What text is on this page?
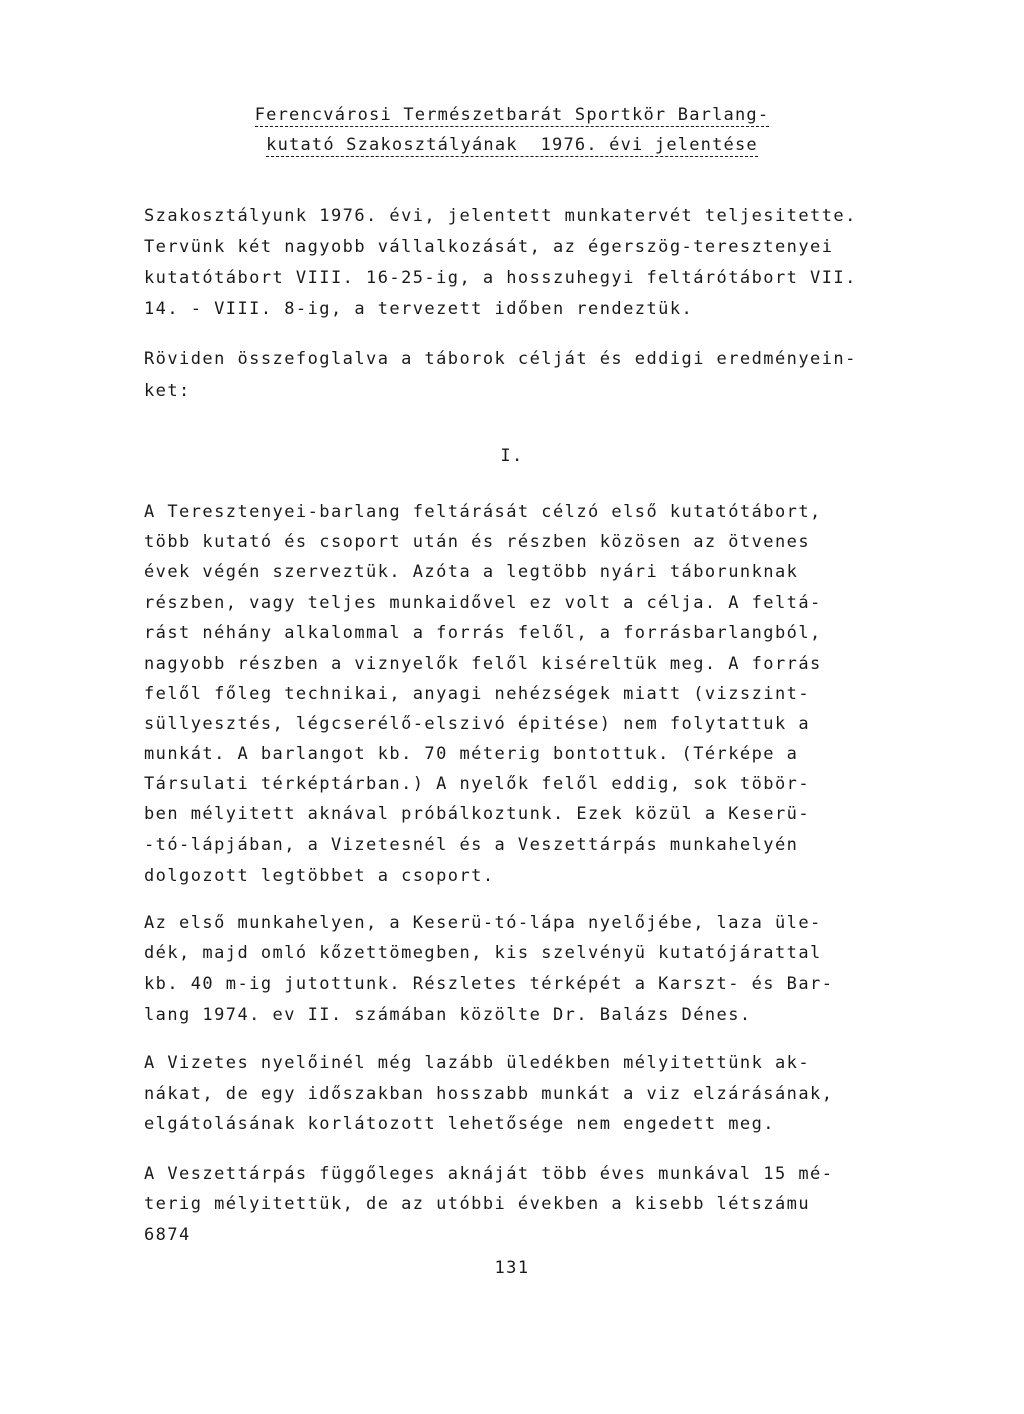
Ferencvárosi Természetbarát Sportkör Barlang-
kutató Szakosztályának  1976. évi jelentése
Szakosztályunk 1976. évi, jelentett munkatervét teljesitette.
Tervünk két nagyobb vállalkozását, az égerszög-teresztenyei
kutatótábort VIII. 16-25-ig, a hosszuhegyi feltárótábort VII.
14. - VIII. 8-ig, a tervezett időben rendeztük.
Röviden összefoglalva a táborok célját és eddigi eredményein-
ket:
I.
A Teresztenyei-barlang feltárását célzó első kutatótábort,
több kutató és csoport után és részben közösen az ötvenes
évek végén szerveztük. Azóta a legtöbb nyári táborunknak
részben, vagy teljes munkaidővel ez volt a célja. A feltá-
rást néhány alkalommal a forrás felől, a forrásbarlangból,
nagyobb részben a viznyelők felől kiséreltük meg. A forrás
felől főleg technikai, anyagi nehézségek miatt (vizszint-
süllyesztés, légcserélő-elszivó épitése) nem folytattuk a
munkát. A barlangot kb. 70 méterig bontottuk. (Térképe a
Társulati térképtárban.) A nyelők felől eddig, sok töbör-
ben mélyitett aknával próbálkoztunk. Ezek közül a Keserü-
-tó-lápjában, a Vizetesnél és a Veszettárpás munkahelyén
dolgozott legtöbbet a csoport.
Az első munkahelyen, a Keserü-tó-lápa nyelőjébe, laza üle-
dék, majd omló kőzettömegben, kis szelvényü kutatójárattal
kb. 40 m-ig jutottunk. Részletes térképét a Karszt- és Bar-
lang 1974. ev II. számában közölte Dr. Balázs Dénes.
A Vizetes nyelőinél még lazább üledékben mélyitettünk ak-
nákat, de egy időszakban hosszabb munkát a viz elzárásának,
elgátolásának korlátozott lehetősége nem engedett meg.
A Veszettárpás függőleges aknáját több éves munkával 15 mé-
terig mélyitettük, de az utóbbi években a kisebb létszámu
6874
131
